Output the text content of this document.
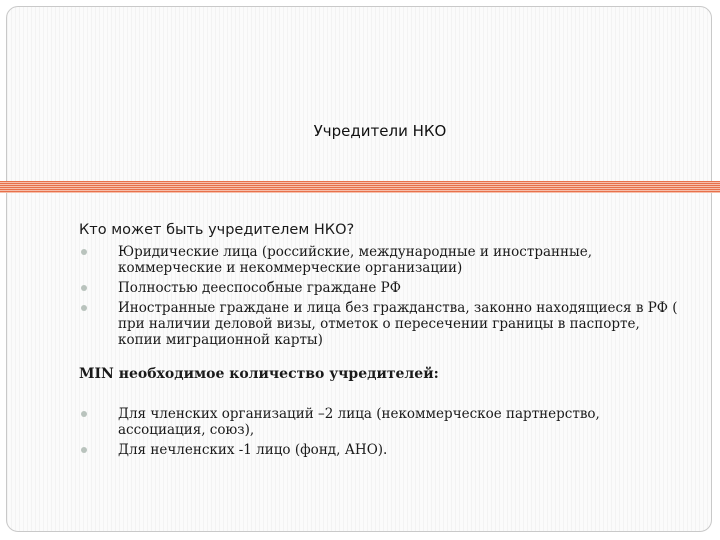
Учредители НКО
Кто может быть учредителем НКО?
Юридические лица (российские, международные и иностранные, коммерческие и некоммерческие организации)
Полностью дееспособные граждане РФ
Иностранные граждане и лица без гражданства, законно находящиеся в РФ ( при наличии деловой визы, отметок о пересечении границы в паспорте, копии миграционной карты)
MIN необходимое количество учредителей:
Для членских организаций –2 лица (некоммерческое партнерство, ассоциация, союз),
Для нечленских -1 лицо (фонд, АНО).
